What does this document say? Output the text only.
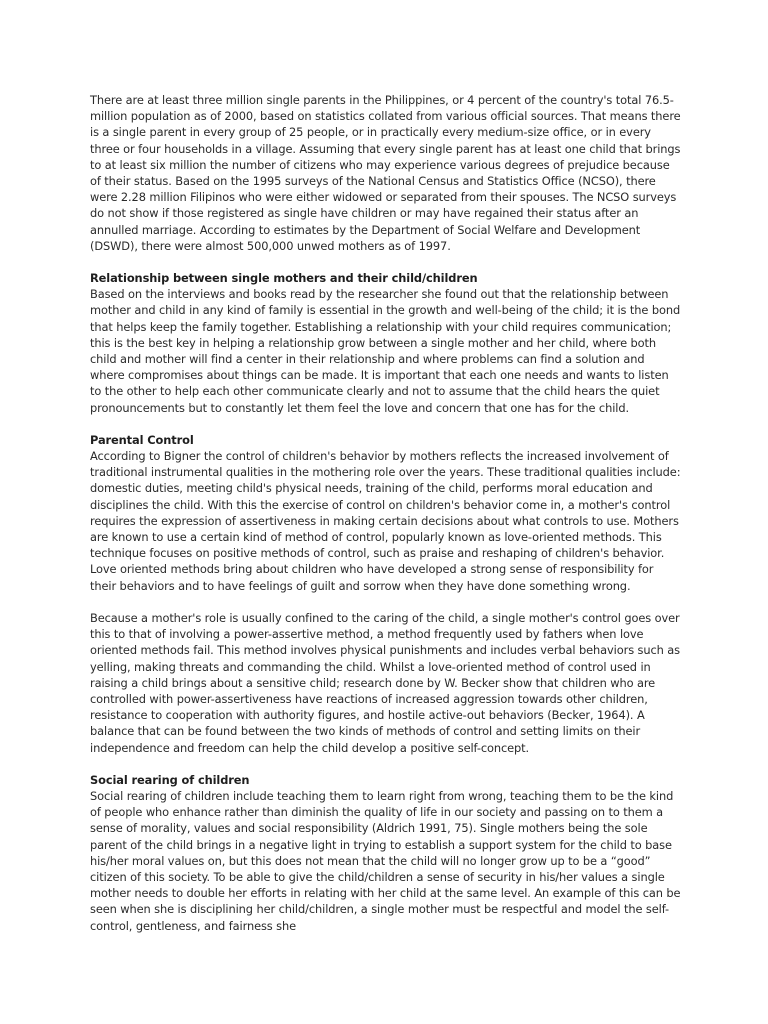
There are at least three million single parents in the Philippines, or 4 percent of the country's total 76.5-million population as of 2000, based on statistics collated from various official sources. That means there is a single parent in every group of 25 people, or in practically every medium-size office, or in every three or four households in a village. Assuming that every single parent has at least one child that brings to at least six million the number of citizens who may experience various degrees of prejudice because of their status. Based on the 1995 surveys of the National Census and Statistics Office (NCSO), there were 2.28 million Filipinos who were either widowed or separated from their spouses. The NCSO surveys do not show if those registered as single have children or may have regained their status after an annulled marriage. According to estimates by the Department of Social Welfare and Development (DSWD), there were almost 500,000 unwed mothers as of 1997.

Relationship between single mothers and their child/children

Based on the interviews and books read by the researcher she found out that the relationship between mother and child in any kind of family is essential in the growth and well-being of the child; it is the bond that helps keep the family together. Establishing a relationship with your child requires communication; this is the best key in helping a relationship grow between a single mother and her child, where both child and mother will find a center in their relationship and where problems can find a solution and where compromises about things can be made. It is important that each one needs and wants to listen to the other to help each other communicate clearly and not to assume that the child hears the quiet pronouncements but to constantly let them feel the love and concern that one has for the child.

Parental Control

According to Bigner the control of children's behavior by mothers reflects the increased involvement of traditional instrumental qualities in the mothering role over the years. These traditional qualities include: domestic duties, meeting child's physical needs, training of the child, performs moral education and disciplines the child. With this the exercise of control on children's behavior come in, a mother's control requires the expression of assertiveness in making certain decisions about what controls to use. Mothers are known to use a certain kind of method of control, popularly known as love-oriented methods. This technique focuses on positive methods of control, such as praise and reshaping of children's behavior. Love oriented methods bring about children who have developed a strong sense of responsibility for their behaviors and to have feelings of guilt and sorrow when they have done something wrong.

Because a mother's role is usually confined to the caring of the child, a single mother's control goes over this to that of involving a power-assertive method, a method frequently used by fathers when love oriented methods fail. This method involves physical punishments and includes verbal behaviors such as yelling, making threats and commanding the child. Whilst a love-oriented method of control used in raising a child brings about a sensitive child; research done by W. Becker show that children who are controlled with power-assertiveness have reactions of increased aggression towards other children, resistance to cooperation with authority figures, and hostile active-out behaviors (Becker, 1964). A balance that can be found between the two kinds of methods of control and setting limits on their independence and freedom can help the child develop a positive self-concept.

Social rearing of children

Social rearing of children include teaching them to learn right from wrong, teaching them to be the kind of people who enhance rather than diminish the quality of life in our society and passing on to them a sense of morality, values and social responsibility (Aldrich 1991, 75). Single mothers being the sole parent of the child brings in a negative light in trying to establish a support system for the child to base his/her moral values on, but this does not mean that the child will no longer grow up to be a “good” citizen of this society. To be able to give the child/children a sense of security in his/her values a single mother needs to double her efforts in relating with her child at the same level. An example of this can be seen when she is disciplining her child/children, a single mother must be respectful and model the self-control, gentleness, and fairness she
